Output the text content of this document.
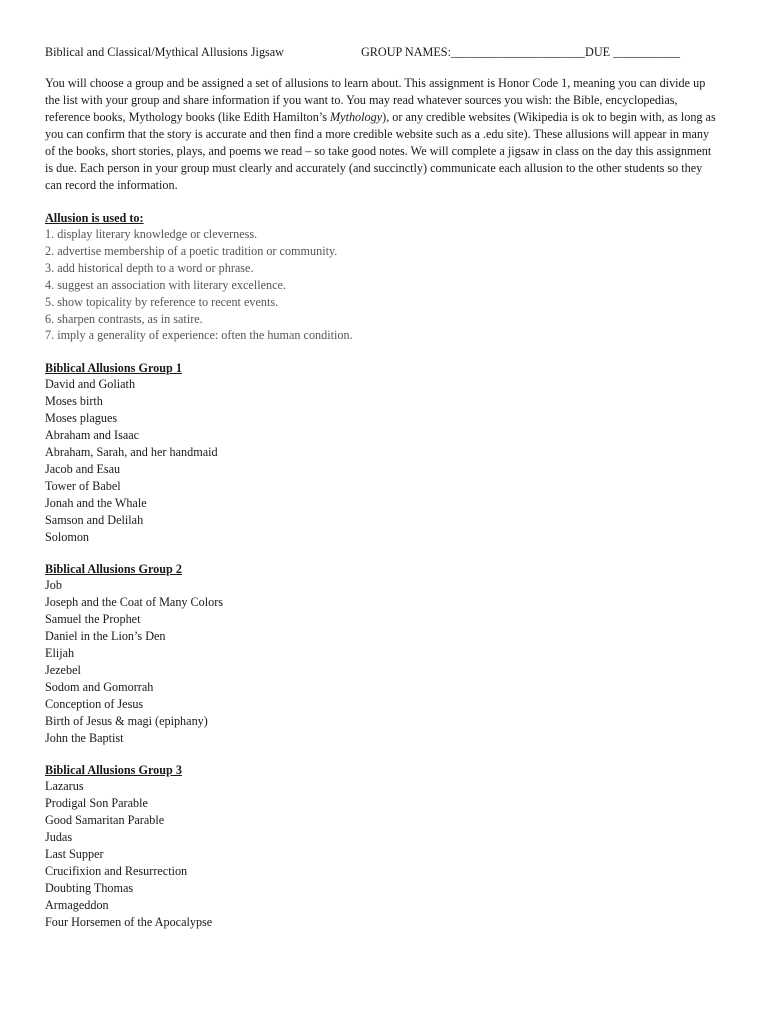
Biblical and Classical/Mythical Allusions Jigsaw	GROUP NAMES:______________________DUE ___________

You will choose a group and be assigned a set of allusions to learn about. This assignment is Honor Code 1, meaning you can divide up the list with your group and share information if you want to. You may read whatever sources you wish: the Bible, encyclopedias, reference books, Mythology books (like Edith Hamilton’s Mythology), or any credible websites (Wikipedia is ok to begin with, as long as you can confirm that the story is accurate and then find a more credible website such as a .edu site). These allusions will appear in many of the books, short stories, plays, and poems we read – so take good notes. We will complete a jigsaw in class on the day this assignment is due. Each person in your group must clearly and accurately (and succinctly) communicate each allusion to the other students so they can record the information.

Allusion is used to:
1. display literary knowledge or cleverness.
2. advertise membership of a poetic tradition or community.
3. add historical depth to a word or phrase.
4. suggest an association with literary excellence.
5. show topicality by reference to recent events.
6. sharpen contrasts, as in satire.
7. imply a generality of experience: often the human condition.
Biblical Allusions Group 1
David and Goliath
Moses birth
Moses plagues
Abraham and Isaac
Abraham, Sarah, and her handmaid
Jacob and Esau
Tower of Babel
Jonah and the Whale
Samson and Delilah
Solomon
Biblical Allusions Group 2
Job
Joseph and the Coat of Many Colors
Samuel the Prophet
Daniel in the Lion’s Den
Elijah
Jezebel
Sodom and Gomorrah
Conception of Jesus
Birth of Jesus & magi (epiphany)
John the Baptist
Biblical Allusions Group 3
Lazarus
Prodigal Son Parable
Good Samaritan Parable
Judas
Last Supper
Crucifixion and Resurrection
Doubting Thomas
Armageddon
Four Horsemen of the Apocalypse
